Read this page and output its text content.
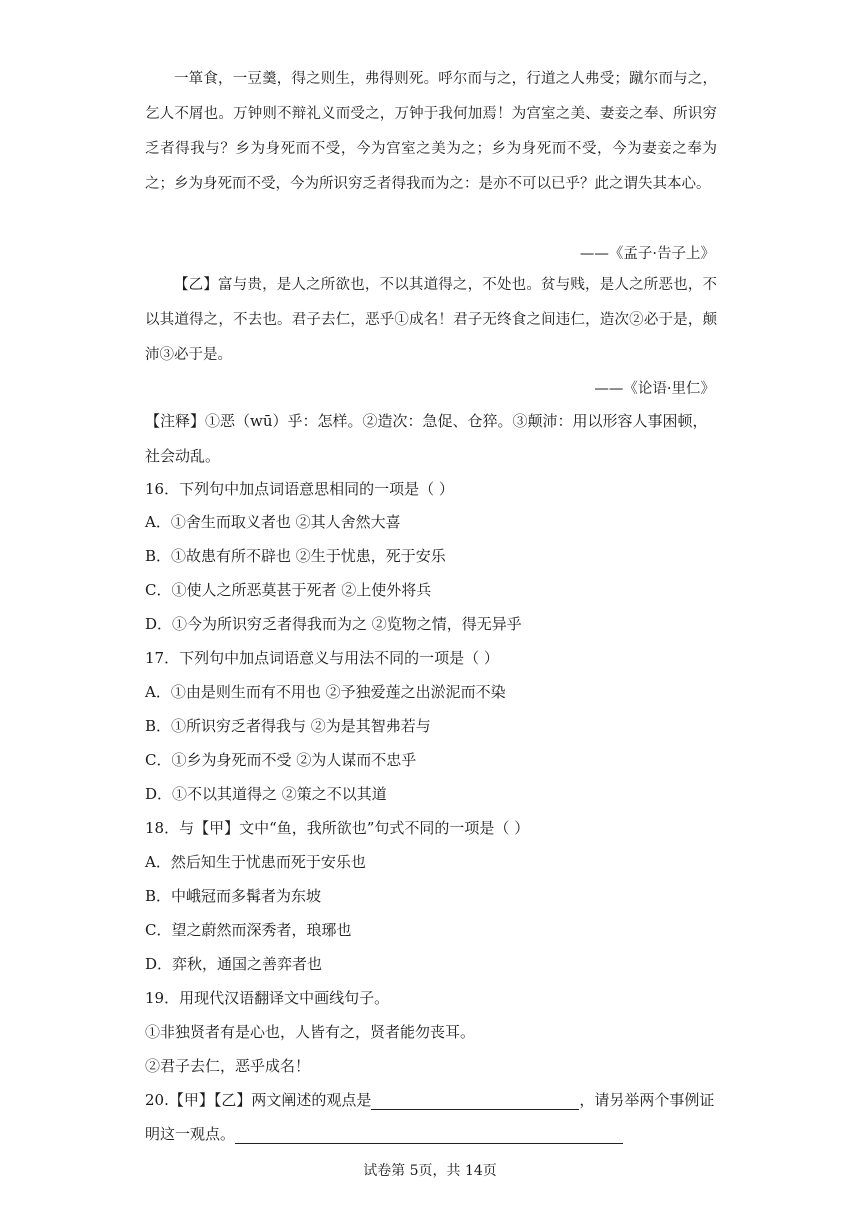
一箪食，一豆羹，得之则生，弗得则死。呼尔而与之，行道之人弗受；蹴尔而与之，乞人不屑也。万钟则不辩礼义而受之，万钟于我何加焉！为宫室之美、妻妾之奉、所识穷乏者得我与？乡为身死而不受，今为宫室之美为之；乡为身死而不受，今为妻妾之奉为之；乡为身死而不受，今为所识穷乏者得我而为之：是亦不可以已乎？此之谓失其本心。

——《孟子·告子上》

【乙】富与贵，是人之所欲也，不以其道得之，不处也。贫与贱，是人之所恶也，不以其道得之，不去也。君子去仁，恶乎①成名！君子无终食之间违仁，造次②必于是，颠沛③必于是。

——《论语·里仁》
【注释】①恶（wū）乎：怎样。②造次：急促、仓猝。③颠沛：用以形容人事困顿，
社会动乱。
16．下列句中加点词语意思相同的一项是（ ）
A．①舍生而取义者也 ②其人舍然大喜
B．①故患有所不辟也 ②生于忧患，死于安乐
C．①使人之所恶莫甚于死者 ②上使外将兵
D．①今为所识穷乏者得我而为之 ②览物之情，得无异乎
17．下列句中加点词语意义与用法不同的一项是（ ）
A．①由是则生而有不用也 ②予独爱莲之出淤泥而不染
B．①所识穷乏者得我与 ②为是其智弗若与
C．①乡为身死而不受 ②为人谋而不忠乎
D．①不以其道得之 ②策之不以其道
18．与【甲】文中“鱼，我所欲也”句式不同的一项是（ ）
A．然后知生于忧患而死于安乐也
B．中峨冠而多髯者为东坡
C．望之蔚然而深秀者，琅琊也
D．弈秋，通国之善弈者也
19．用现代汉语翻译文中画线句子。
①非独贤者有是心也，人皆有之，贤者能勿丧耳。
②君子去仁，恶乎成名！
20.【甲】【乙】两文阐述的观点是	，请另举两个事例证
明这一观点。
试卷第 5页，共 14页
